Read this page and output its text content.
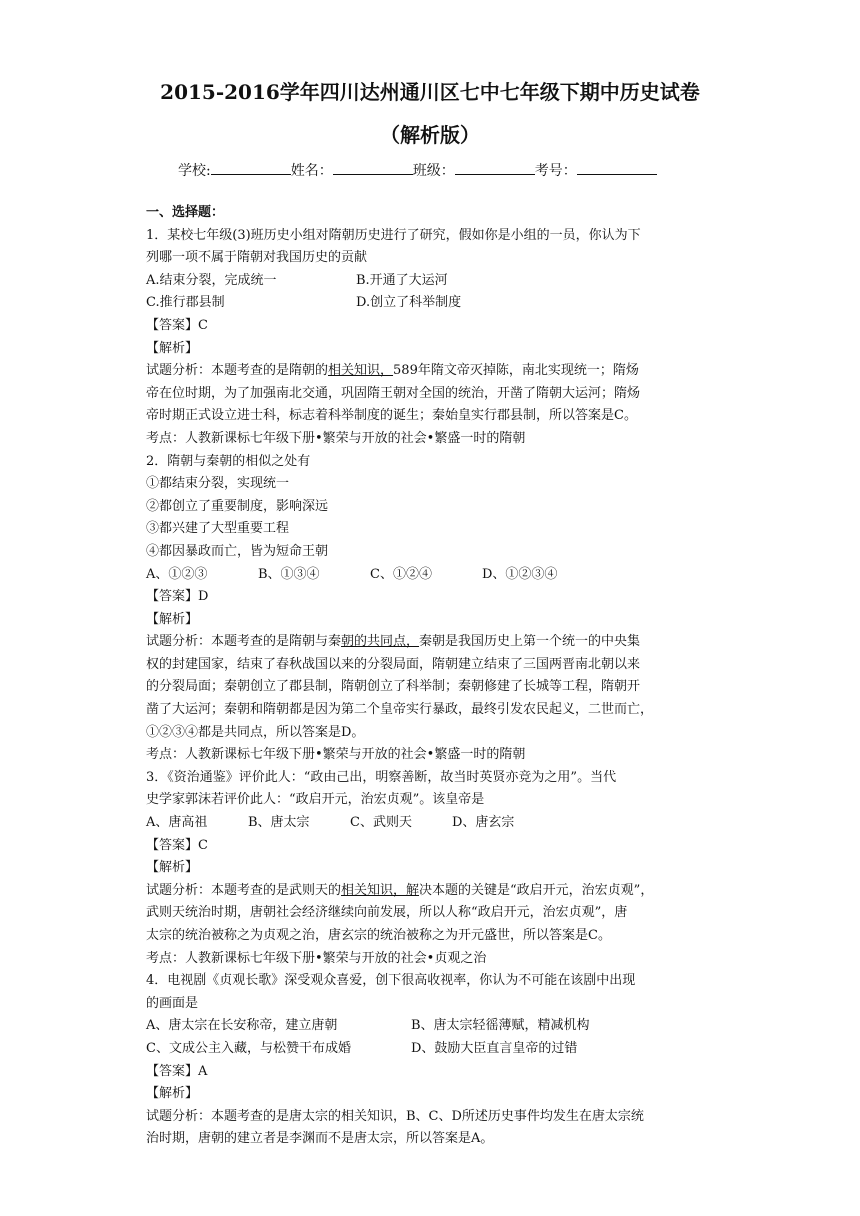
2015-2016学年四川达州通川区七中七年级下期中历史试卷
（解析版）
学校:	姓名：	班级：	考号：

一、选择题：

1．某校七年级(3)班历史小组对隋朝历史进行了研究，假如你是小组的一员，你认为下

列哪一项不属于隋朝对我国历史的贡献

A.结束分裂，完成统一	B.开通了大运河

C.推行郡县制	D.创立了科举制度

【答案】C

【解析】

试题分析：本题考查的是隋朝的相关知识，589年隋文帝灭掉陈，南北实现统一；隋炀

帝在位时期，为了加强南北交通，巩固隋王朝对全国的统治，开凿了隋朝大运河；隋炀

帝时期正式设立进士科，标志着科举制度的诞生；秦始皇实行郡县制，所以答案是C。

考点：人教新课标七年级下册•繁荣与开放的社会•繁盛一时的隋朝

2．隋朝与秦朝的相似之处有

①都结束分裂，实现统一

②都创立了重要制度，影响深远

③都兴建了大型重要工程

④都因暴政而亡，皆为短命王朝

A、①②③	B、①③④	C、①②④	D、①②③④

【答案】D

【解析】

试题分析：本题考查的是隋朝与秦朝的共同点，秦朝是我国历史上第一个统一的中央集

权的封建国家，结束了春秋战国以来的分裂局面，隋朝建立结束了三国两晋南北朝以来

的分裂局面；秦朝创立了郡县制，隋朝创立了科举制；秦朝修建了长城等工程，隋朝开

凿了大运河；秦朝和隋朝都是因为第二个皇帝实行暴政，最终引发农民起义，二世而亡，

①②③④都是共同点，所以答案是D。

考点：人教新课标七年级下册•繁荣与开放的社会•繁盛一时的隋朝

3．《资治通鉴》评价此人：“政由己出，明察善断，故当时英贤亦竞为之用”。当代

史学家郭沫若评价此人：“政启开元，治宏贞观”。该皇帝是

A、唐高祖	B、唐太宗	C、武则天	D、唐玄宗

【答案】C

【解析】

试题分析：本题考查的是武则天的相关知识，解决本题的关键是“政启开元，治宏贞观”，

武则天统治时期，唐朝社会经济继续向前发展，所以人称“政启开元，治宏贞观”，唐

太宗的统治被称之为贞观之治，唐玄宗的统治被称之为开元盛世，所以答案是C。

考点：人教新课标七年级下册•繁荣与开放的社会•贞观之治

4．电视剧《贞观长歌》深受观众喜爱，创下很高收视率，你认为不可能在该剧中出现

的画面是

A、唐太宗在长安称帝，建立唐朝	B、唐太宗轻徭薄赋，精减机构

C、文成公主入藏，与松赞干布成婚	D、鼓励大臣直言皇帝的过错

【答案】A

【解析】

试题分析：本题考查的是唐太宗的相关知识，B、C、D所述历史事件均发生在唐太宗统

治时期，唐朝的建立者是李渊而不是唐太宗，所以答案是A。
